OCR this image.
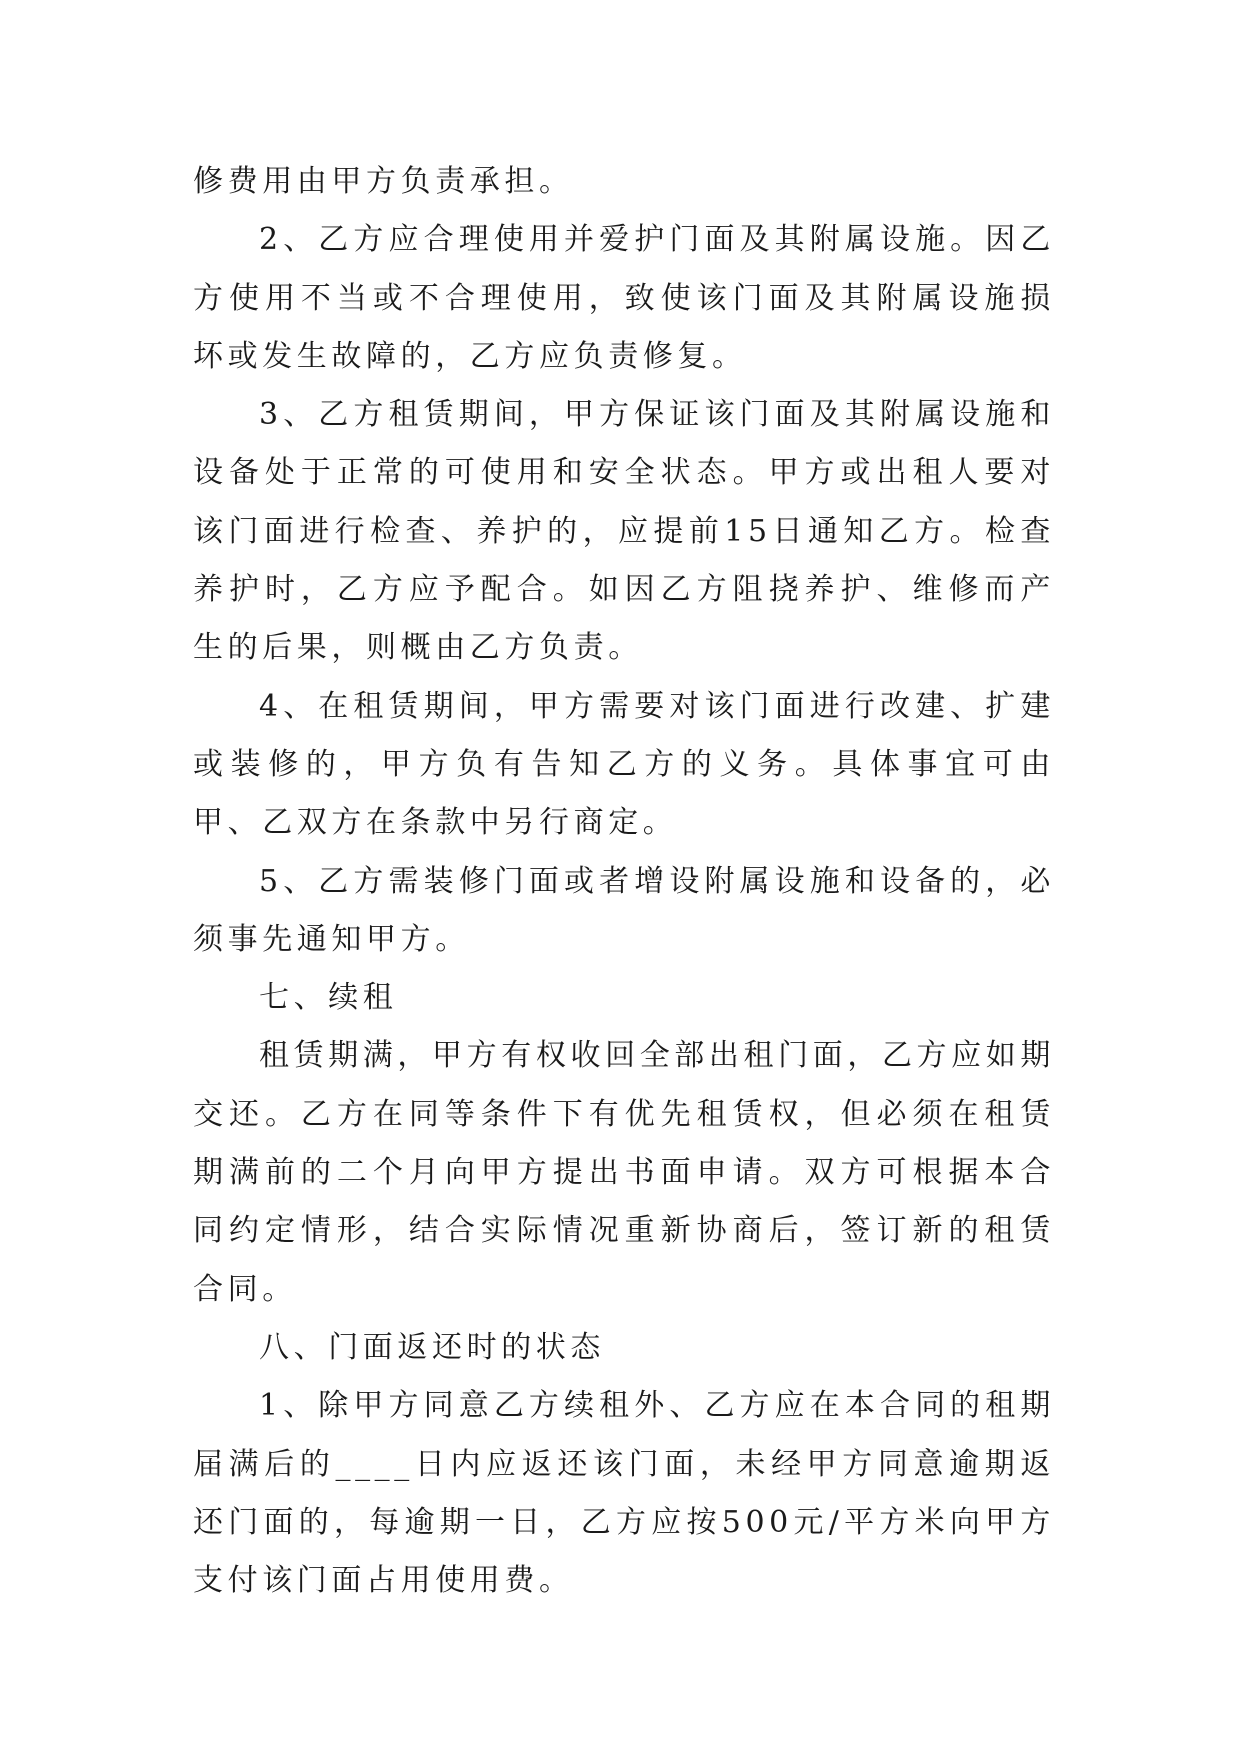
修费用由甲方负责承担。

2、乙方应合理使用并爱护门面及其附属设施。因乙方使用不当或不合理使用，致使该门面及其附属设施损坏或发生故障的，乙方应负责修复。

3、乙方租赁期间，甲方保证该门面及其附属设施和设备处于正常的可使用和安全状态。甲方或出租人要对该门面进行检查、养护的，应提前15日通知乙方。检查养护时，乙方应予配合。如因乙方阻挠养护、维修而产生的后果，则概由乙方负责。

4、在租赁期间，甲方需要对该门面进行改建、扩建或装修的，甲方负有告知乙方的义务。具体事宜可由甲、乙双方在条款中另行商定。

5、乙方需装修门面或者增设附属设施和设备的，必须事先通知甲方。

七、续租

租赁期满，甲方有权收回全部出租门面，乙方应如期交还。乙方在同等条件下有优先租赁权，但必须在租赁期满前的二个月向甲方提出书面申请。双方可根据本合同约定情形，结合实际情况重新协商后，签订新的租赁合同。

八、门面返还时的状态

1、除甲方同意乙方续租外、乙方应在本合同的租期届满后的____日内应返还该门面，未经甲方同意逾期返还门面的，每逾期一日，乙方应按500元/平方米向甲方支付该门面占用使用费。
